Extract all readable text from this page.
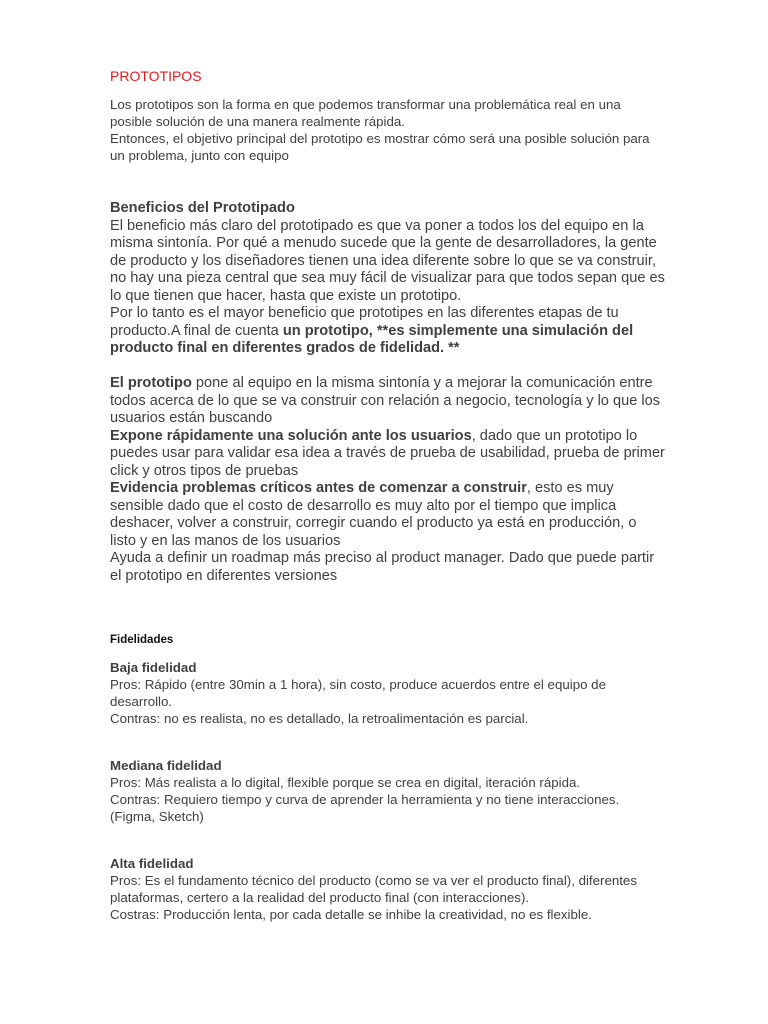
PROTOTIPOS

Los prototipos son la forma en que podemos transformar una problemática real en una posible solución de una manera realmente rápida.

Entonces, el objetivo principal del prototipo es mostrar cómo será una posible solución para un problema, junto con equipo

Beneficios del Prototipado

El beneficio más claro del prototipado es que va poner a todos los del equipo en la misma sintonía. Por qué a menudo sucede que la gente de desarrolladores, la gente de producto y los diseñadores tienen una idea diferente sobre lo que se va construir, no hay una pieza central que sea muy fácil de visualizar para que todos sepan que es lo que tienen que hacer, hasta que existe un prototipo.

Por lo tanto es el mayor beneficio que prototipes en las diferentes etapas de tu producto.A final de cuenta un prototipo, **es simplemente una simulación del producto final en diferentes grados de fidelidad. **

El prototipo pone al equipo en la misma sintonía y a mejorar la comunicación entre todos acerca de lo que se va construir con relación a negocio, tecnología y lo que los usuarios están buscando

Expone rápidamente una solución ante los usuarios, dado que un prototipo lo puedes usar para validar esa idea a través de prueba de usabilidad, prueba de primer click y otros tipos de pruebas

Evidencia problemas críticos antes de comenzar a construir, esto es muy sensible dado que el costo de desarrollo es muy alto por el tiempo que implica deshacer, volver a construir, corregir cuando el producto ya está en producción, o listo y en las manos de los usuarios

Ayuda a definir un roadmap más preciso al product manager. Dado que puede partir el prototipo en diferentes versiones

Fidelidades

Baja fidelidad

Pros: Rápido (entre 30min a 1 hora), sin costo, produce acuerdos entre el equipo de desarrollo.

Contras: no es realista, no es detallado, la retroalimentación es parcial.

Mediana fidelidad

Pros: Más realista a lo digital, flexible porque se crea en digital, iteración rápida.

Contras: Requiero tiempo y curva de aprender la herramienta y no tiene interacciones. (Figma, Sketch)

Alta fidelidad

Pros: Es el fundamento técnico del producto (como se va ver el producto final), diferentes plataformas, certero a la realidad del producto final (con interacciones).

Costras: Producción lenta, por cada detalle se inhibe la creatividad, no es flexible.
